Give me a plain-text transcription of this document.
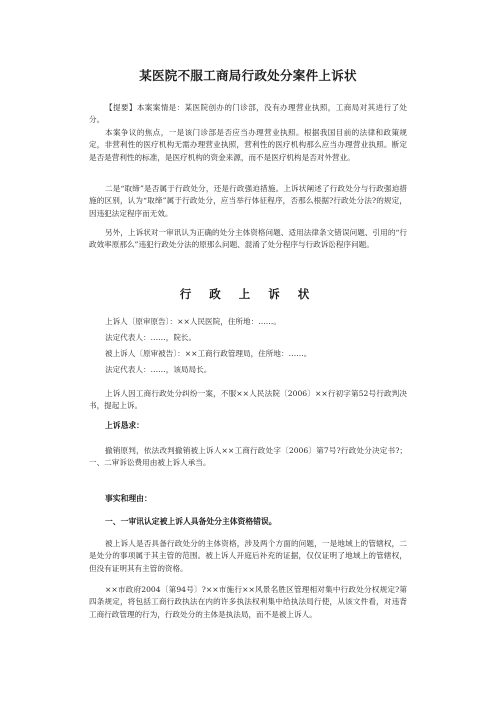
某医院不服工商局行政处分案件上诉状

【提要】本案案情是：某医院创办的门诊部，没有办理营业执照，工商局对其进行了处分。

本案争议的焦点，一是该门诊部是否应当办理营业执照。根据我国目前的法律和政策规定，非营利性的医疗机构无需办理营业执照，营利性的医疗机构那么应当办理营业执照。断定是否是营利性的标准，是医疗机构的资金来源，而不是医疗机构是否对外营业。

二是“取缔”是否属于行政处分，还是行政强迫措施。上诉状阐述了行政处分与行政强迫措施的区别，认为“取缔”属于行政处分，应当举行体征程序，否那么根据?行政处分法?的规定，因违犯法定程序而无效。

另外，上诉状对一审讯认为正确的处分主体资格问题、适用法律条文错误问题、引用的“行政效率原那么”违犯行政处分法的原那么问题、混淆了处分程序与行政诉讼程序问题。

行 政 上 诉 状

上诉人〔原审原告〕：××人民医院，住所地：……。

法定代表人：……，院长。

被上诉人〔原审被告〕：××工商行政管理局，住所地：……。

法定代表人：……，该局局长。

上诉人因工商行政处分纠纷一案，不服××人民法院〔2006〕××行初字第52号行政判决书，提起上诉。

上诉恳求：

撤销原判，依法改判撤销被上诉人××工商行政处字〔2006〕第7号?行政处分决定书?；一、二审诉讼费用由被上诉人承当。

事实和理由：
一、一审讯认定被上诉人具备处分主体资格错误。

被上诉人是否具备行政处分的主体资格，涉及两个方面的问题，一是地域上的管辖权，二是处分的事项属于其主管的范围。被上诉人开庭后补充的证据，仅仅证明了地域上的管辖权，但没有证明其有主管的资格。

××市政府2004〔第94号〕?××市施行××风景名胜区管理相对集中行政处分权规定?第四条规定，将包括工商行政执法在内的许多执法权利集中给执法局行使，从该文件看，对违背工商行政管理的行为，行政处分的主体是执法局，而不是被上诉人。
